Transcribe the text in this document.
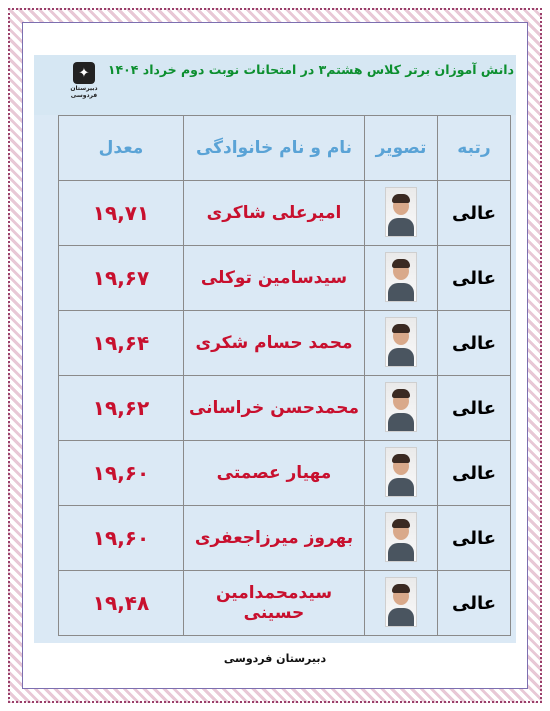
✦
دبیرستان فردوسی
دانش آموزان برتر کلاس هشتم۳ در امتحانات نوبت دوم خرداد ۱۴۰۴
رتبه	تصویر	نام و نام خانوادگی	معدل
عالی		امیرعلی شاکری	۱۹,۷۱
عالی		سیدسامین توکلی	۱۹,۶۷
عالی		محمد حسام شکری	۱۹,۶۴
عالی		محمدحسن خراسانی	۱۹,۶۲
عالی		مهیار عصمتی	۱۹,۶۰
عالی		بهروز میرزاجعفری	۱۹,۶۰
عالی		سیدمحمدامین حسینی	۱۹,۴۸
دبیرستان فردوسی
